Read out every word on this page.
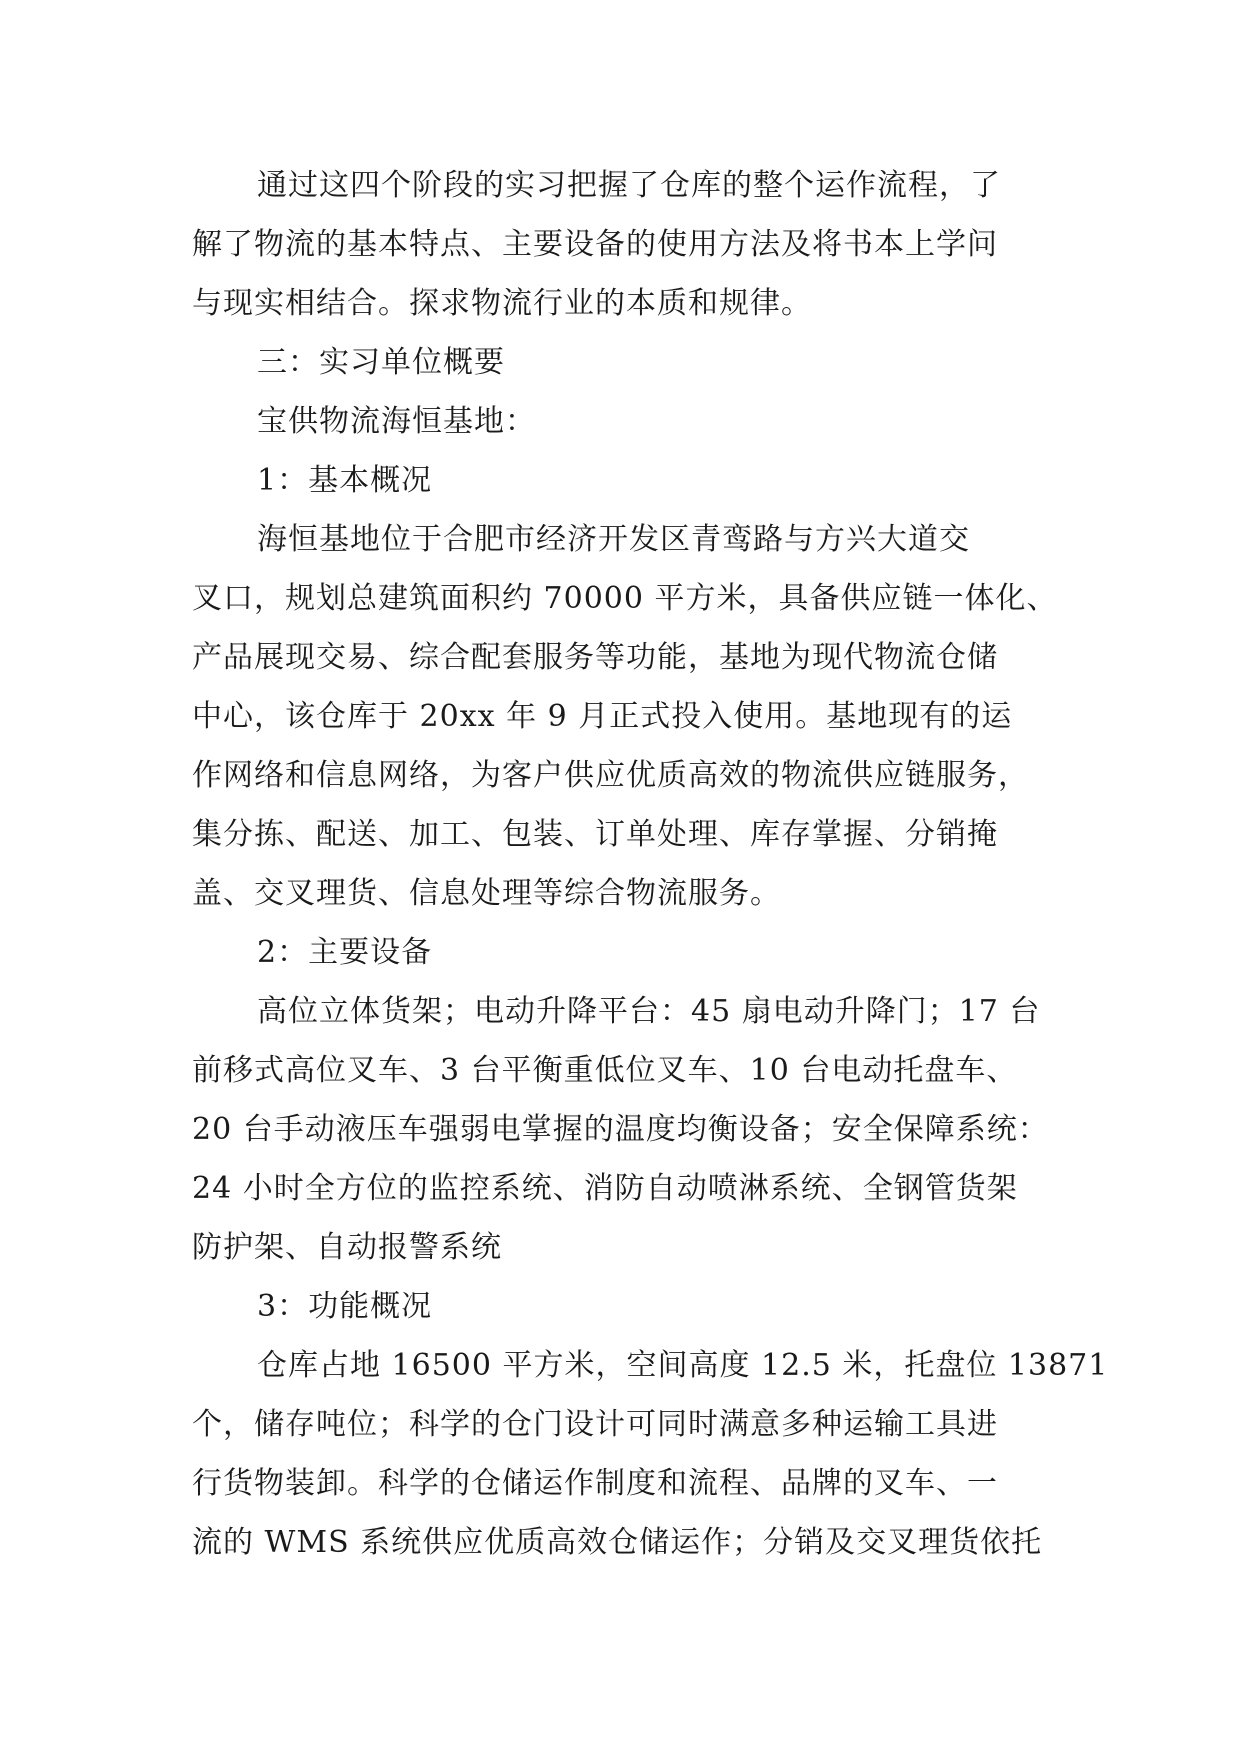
通过这四个阶段的实习把握了仓库的整个运作流程，了
解了物流的基本特点、主要设备的使用方法及将书本上学问
与现实相结合。探求物流行业的本质和规律。
三：实习单位概要
宝供物流海恒基地：
1：基本概况
海恒基地位于合肥市经济开发区青鸾路与方兴大道交
叉口，规划总建筑面积约 70000 平方米，具备供应链一体化、
产品展现交易、综合配套服务等功能，基地为现代物流仓储
中心，该仓库于 20xx 年 9 月正式投入使用。基地现有的运
作网络和信息网络，为客户供应优质高效的物流供应链服务，
集分拣、配送、加工、包装、订单处理、库存掌握、分销掩
盖、交叉理货、信息处理等综合物流服务。
2：主要设备
高位立体货架；电动升降平台：45 扇电动升降门；17 台
前移式高位叉车、3 台平衡重低位叉车、10 台电动托盘车、
20 台手动液压车强弱电掌握的温度均衡设备；安全保障系统：
24 小时全方位的监控系统、消防自动喷淋系统、全钢管货架
防护架、自动报警系统
3：功能概况
仓库占地 16500 平方米，空间高度 12.5 米，托盘位 13871
个，储存吨位；科学的仓门设计可同时满意多种运输工具进
行货物装卸。科学的仓储运作制度和流程、品牌的叉车、一
流的 WMS 系统供应优质高效仓储运作；分销及交叉理货依托
